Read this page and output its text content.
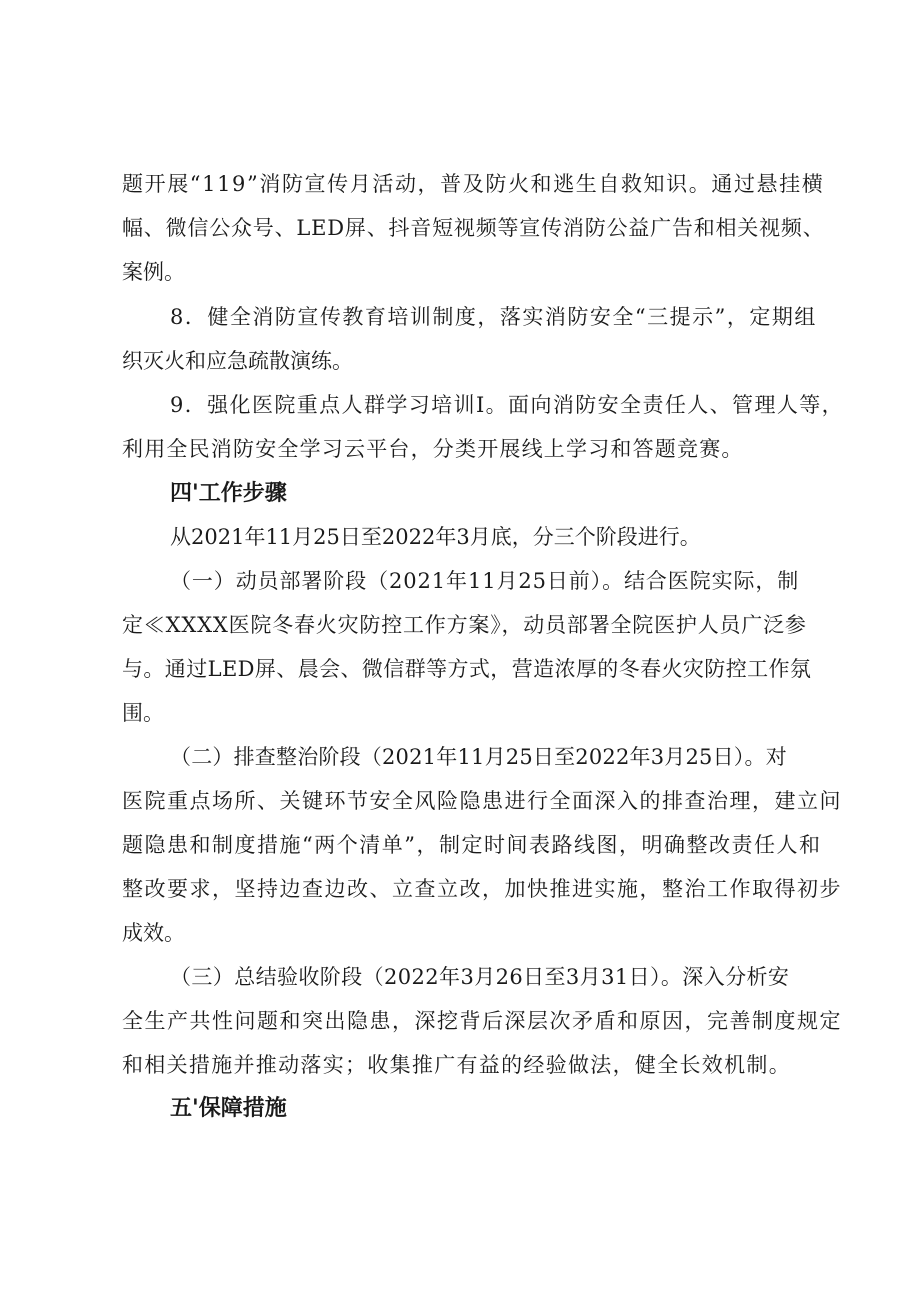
题开展“119”消防宣传月活动，普及防火和逃生自救知识。通过悬挂横
幅、微信公众号、LED屏、抖音短视频等宣传消防公益广告和相关视频、
案例。
8．健全消防宣传教育培训制度，落实消防安全“三提示”，定期组
织灭火和应急疏散演练。
9．强化医院重点人群学习培训I。面向消防安全责任人、管理人等，
利用全民消防安全学习云平台，分类开展线上学习和答题竞赛。
四'工作步骤
从2021年11月25日至2022年3月底，分三个阶段进行。
（一）动员部署阶段（2021年11月25日前）。结合医院实际，制
定≪XXXX医院冬春火灾防控工作方案》，动员部署全院医护人员广泛参
与。通过LED屏、晨会、微信群等方式，营造浓厚的冬春火灾防控工作氛
围。
（二）排查整治阶段（2021年11月25日至2022年3月25日）。对
医院重点场所、关键环节安全风险隐患进行全面深入的排查治理，建立问
题隐患和制度措施“两个清单”，制定时间表路线图，明确整改责任人和
整改要求，坚持边查边改、立查立改，加快推进实施，整治工作取得初步
成效。
（三）总结验收阶段（2022年3月26日至3月31日）。深入分析安
全生产共性问题和突出隐患，深挖背后深层次矛盾和原因，完善制度规定
和相关措施并推动落实；收集推广有益的经验做法，健全长效机制。
五'保障措施
